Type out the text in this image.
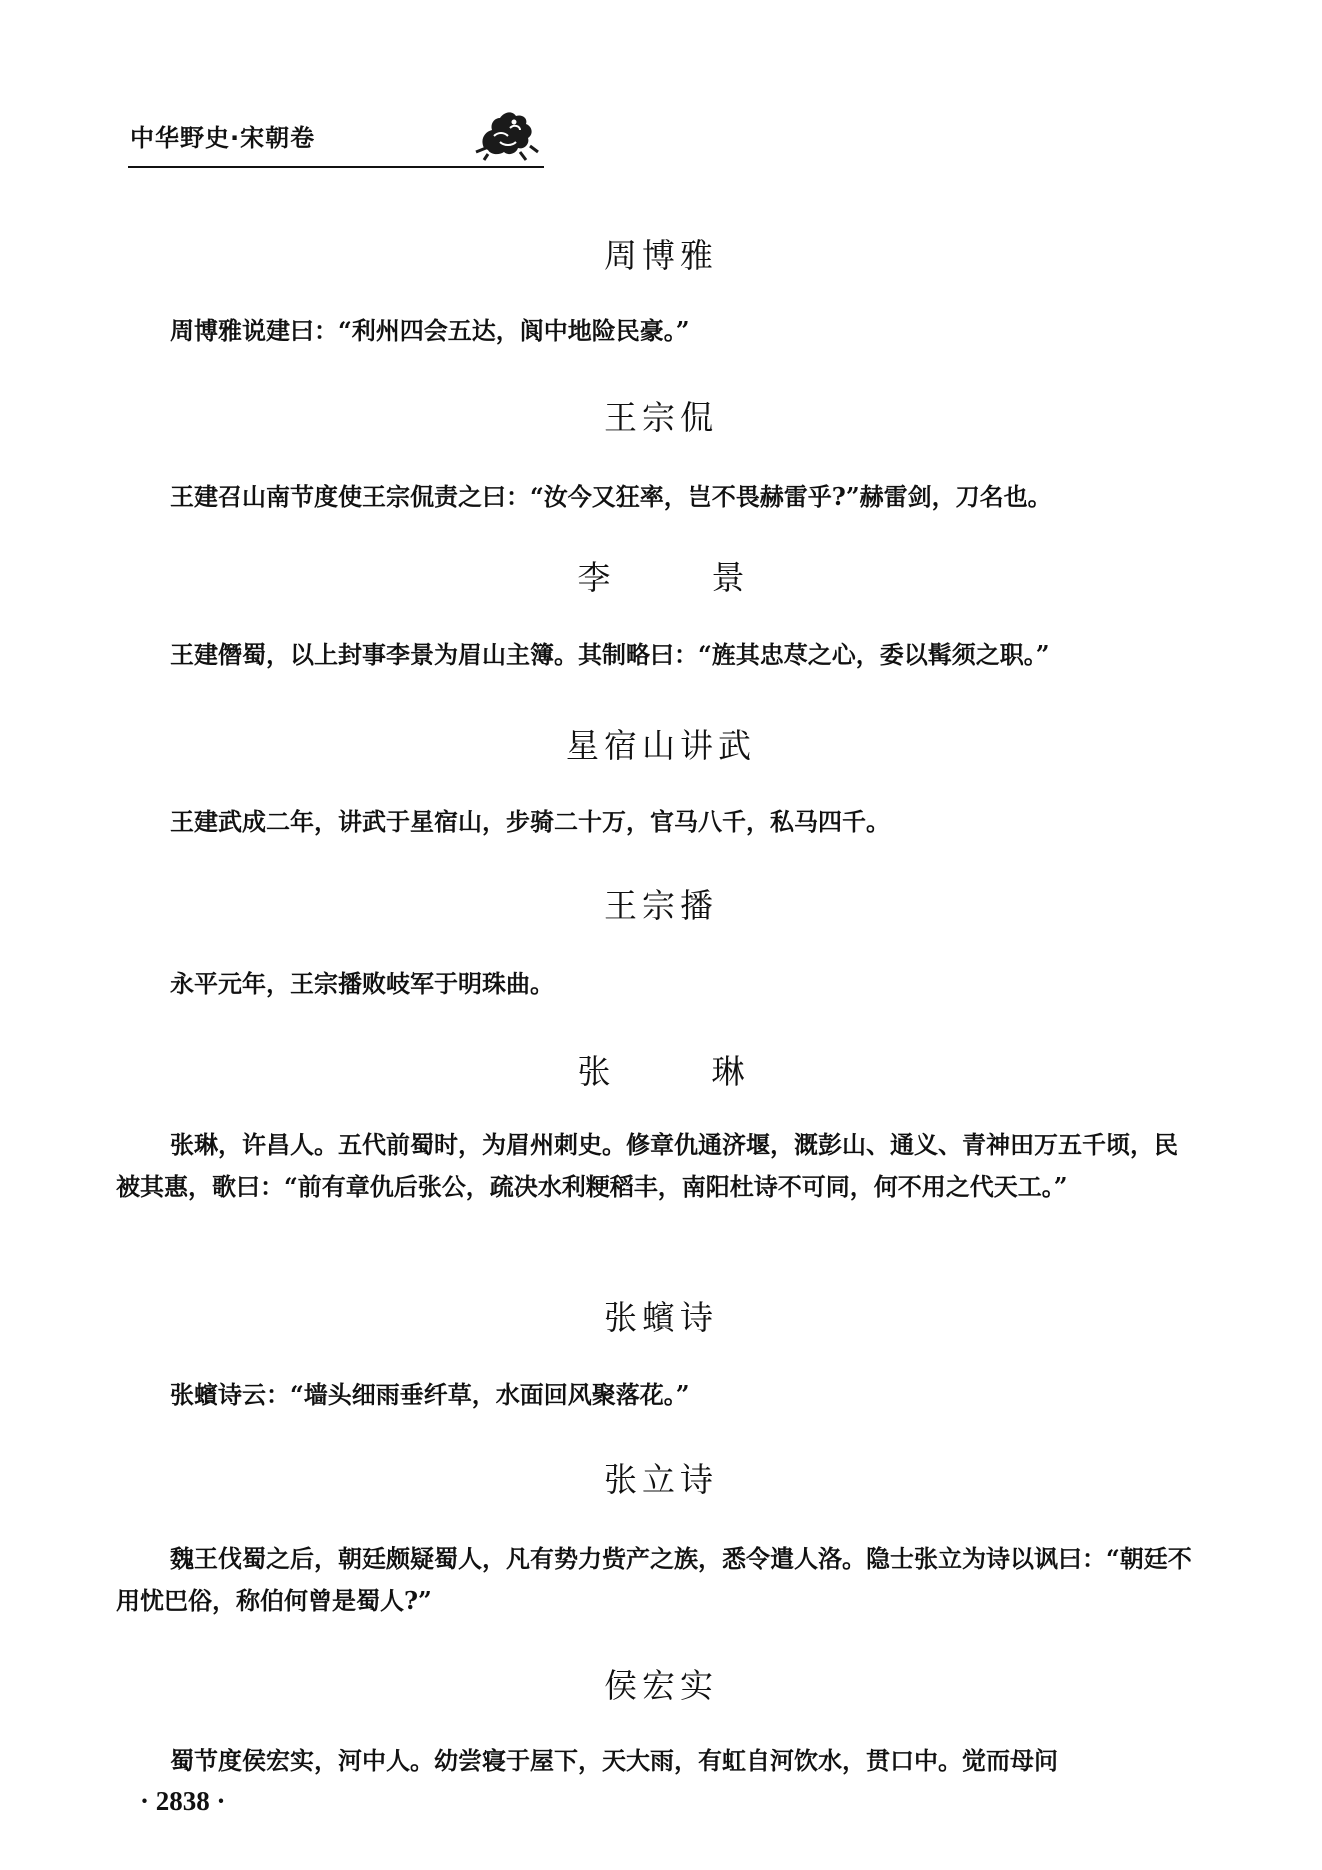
中华野史·宋朝卷
周博雅

周博雅说建曰：“利州四会五达，阆中地险民豪。”

王宗侃

王建召山南节度使王宗侃责之曰：“汝今又狂率，岂不畏赫雷乎?”赫雷剑，刀名也。

李　景

王建僭蜀，以上封事李景为眉山主簿。其制略曰：“旌其忠荩之心，委以髯须之职。”

星宿山讲武

王建武成二年，讲武于星宿山，步骑二十万，官马八千，私马四千。

王宗播

永平元年，王宗播败岐军于明珠曲。

张　琳

张琳，许昌人。五代前蜀时，为眉州刺史。修章仇通济堰，溉彭山、通义、青神田万五千顷，民被其惠，歌曰：“前有章仇后张公，疏决水利粳稻丰，南阳杜诗不可同，何不用之代天工。”

张蠙诗

张蠙诗云：“墙头细雨垂纤草，水面回风聚落花。”

张立诗

魏王伐蜀之后，朝廷颇疑蜀人，凡有势力赀产之族，悉令遣人洛。隐士张立为诗以讽曰：“朝廷不用忧巴俗，称伯何曾是蜀人?”

侯宏实

蜀节度侯宏实，河中人。幼尝寝于屋下，天大雨，有虹自河饮水，贯口中。觉而母问

· 2838 ·
